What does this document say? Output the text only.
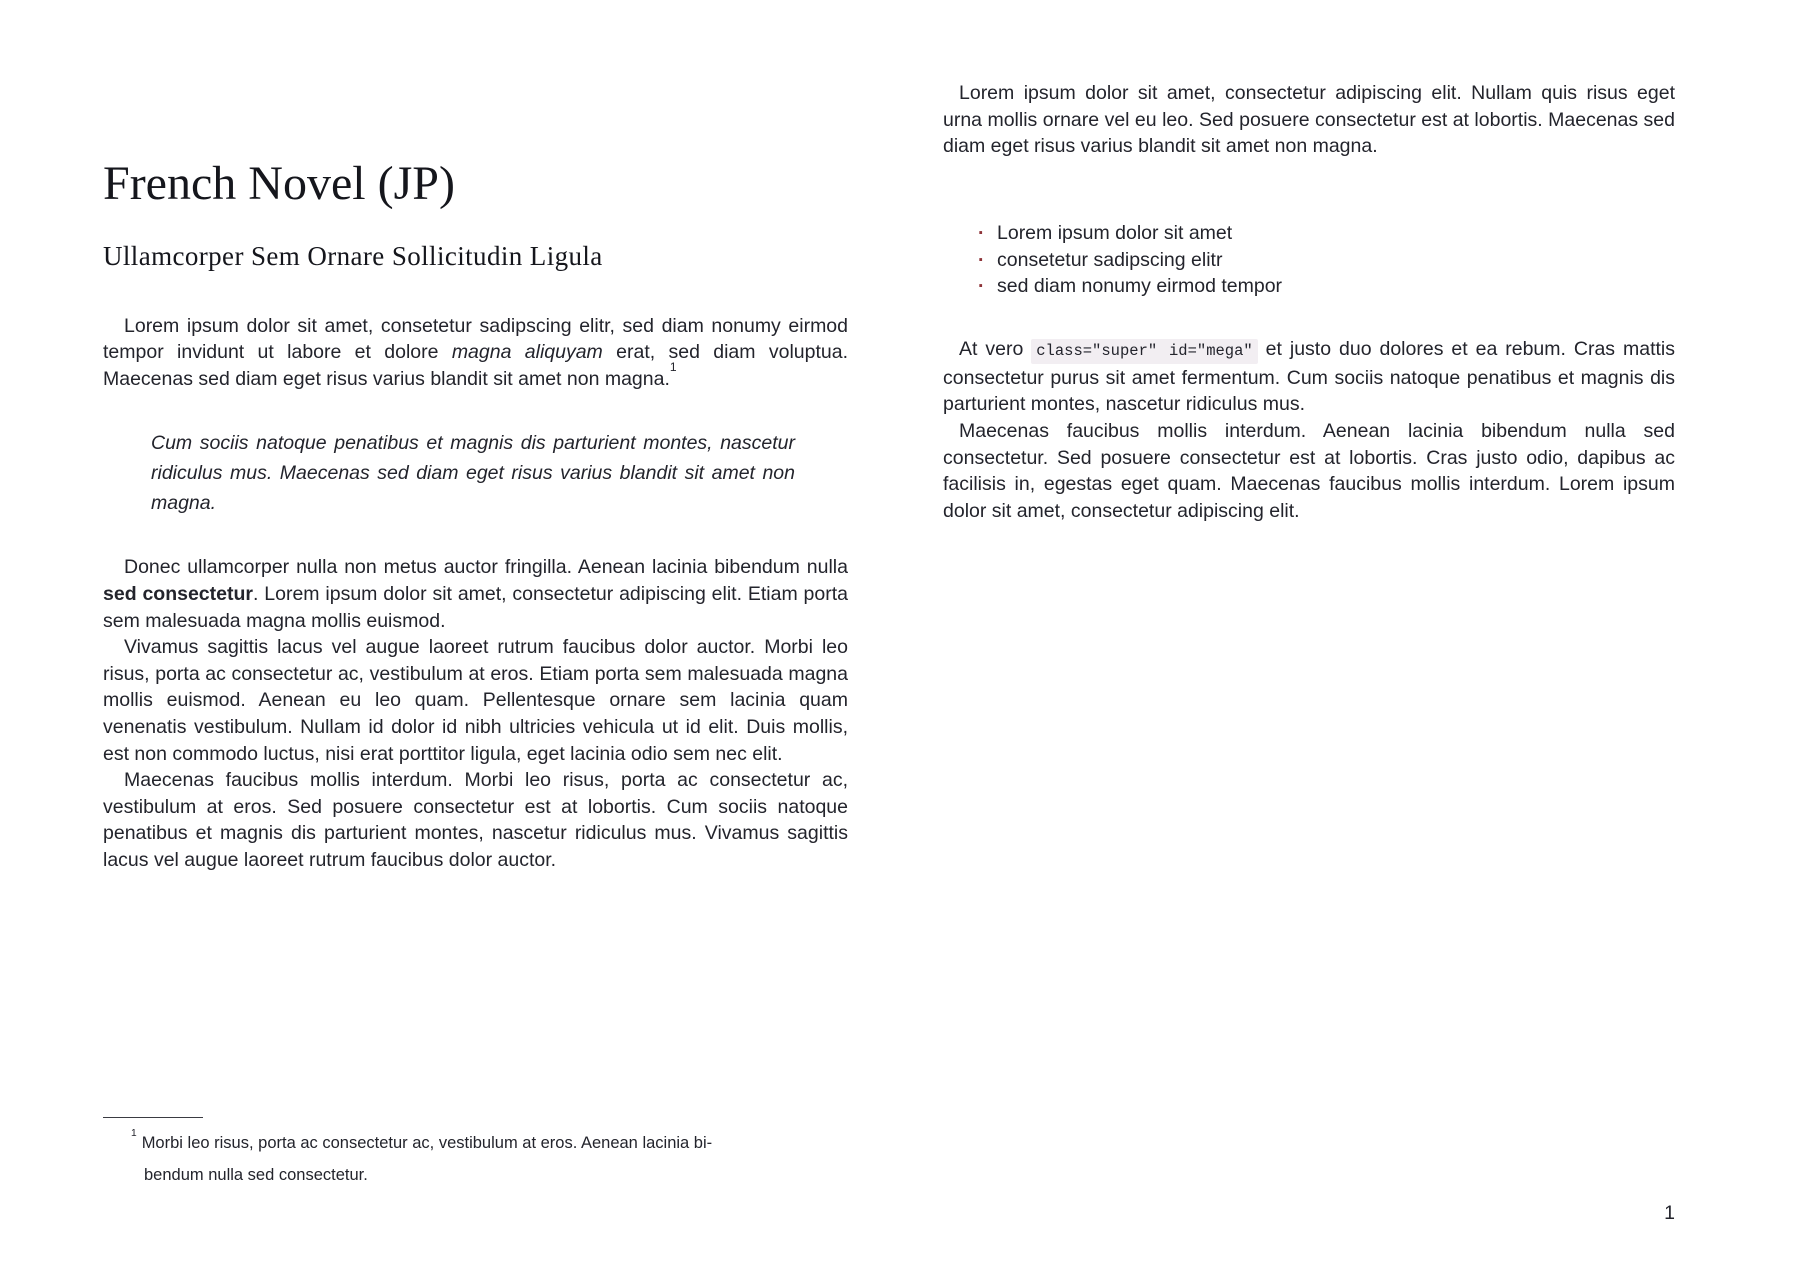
French Novel (JP)
Ullamcorper Sem Ornare Sollicitudin Ligula

Lorem ipsum dolor sit amet, consetetur sadipscing elitr, sed diam nonumy eirmod tempor invidunt ut labore et dolore magna aliquyam erat, sed diam voluptua. Maecenas sed diam eget risus varius blandit sit amet non magna.$^1$

Cum sociis natoque penatibus et magnis dis parturient montes, nascetur ridiculus mus. Maecenas sed diam eget risus varius blandit sit amet non magna.

Donec ullamcorper nulla non metus auctor fringilla. Aenean lacinia bibendum nulla sed consectetur. Lorem ipsum dolor sit amet, consectetur adipiscing elit. Etiam porta sem malesuada magna mollis euismod.

Vivamus sagittis lacus vel augue laoreet rutrum faucibus dolor auctor. Morbi leo risus, porta ac consectetur ac, vestibulum at eros. Etiam porta sem malesuada magna mollis euismod. Aenean eu leo quam. Pellentesque ornare sem lacinia quam venenatis vestibulum. Nullam id dolor id nibh ultricies vehicula ut id elit. Duis mollis, est non commodo luctus, nisi erat porttitor ligula, eget lacinia odio sem nec elit.

Maecenas faucibus mollis interdum. Morbi leo risus, porta ac consectetur ac, vestibulum at eros. Sed posuere consectetur est at lobortis. Cum sociis natoque penatibus et magnis dis parturient montes, nascetur ridiculus mus. Vivamus sagittis lacus vel augue laoreet rutrum faucibus dolor auctor.

$^1$Morbi leo risus, porta ac consectetur ac, vestibulum at eros. Aenean lacinia bibendum nulla sed consectetur.

Lorem ipsum dolor sit amet, consectetur adipiscing elit. Nullam quis risus eget urna mollis ornare vel eu leo. Sed posuere consectetur est at lobortis. Maecenas sed diam eget risus varius blandit sit amet non magna.

· Lorem ipsum dolor sit amet
· consetetur sadipscing elitr
· sed diam nonumy eirmod tempor

At vero class="super" id="mega" et justo duo dolores et ea rebum. Cras mattis consectetur purus sit amet fermentum. Cum sociis natoque penatibus et magnis dis parturient montes, nascetur ridiculus mus.

Maecenas faucibus mollis interdum. Aenean lacinia bibendum nulla sed consectetur. Sed posuere consectetur est at lobortis. Cras justo odio, dapibus ac facilisis in, egestas eget quam. Maecenas faucibus mollis interdum. Lorem ipsum dolor sit amet, consectetur adipiscing elit.

1
